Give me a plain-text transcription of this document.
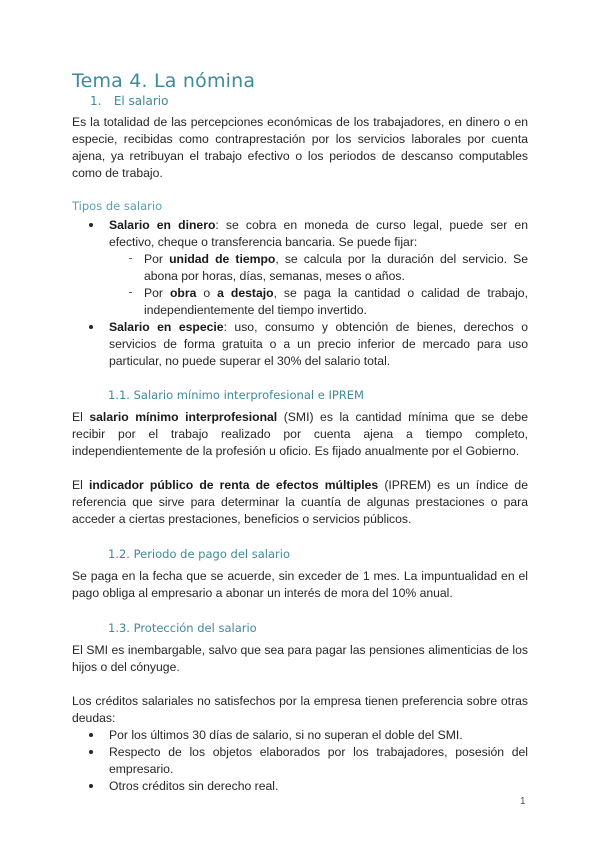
Tema 4. La nómina
1. El salario

Es la totalidad de las percepciones económicas de los trabajadores, en dinero o en especie, recibidas como contraprestación por los servicios laborales por cuenta ajena, ya retribuyan el trabajo efectivo o los periodos de descanso computables como de trabajo.

Tipos de salario
Salario en dinero: se cobra en moneda de curso legal, puede ser en efectivo, cheque o transferencia bancaria. Se puede fijar:
Por unidad de tiempo, se calcula por la duración del servicio. Se abona por horas, días, semanas, meses o años.
Por obra o a destajo, se paga la cantidad o calidad de trabajo, independientemente del tiempo invertido.
Salario en especie: uso, consumo y obtención de bienes, derechos o servicios de forma gratuita o a un precio inferior de mercado para uso particular, no puede superar el 30% del salario total.
1.1. Salario mínimo interprofesional e IPREM

El salario mínimo interprofesional (SMI) es la cantidad mínima que se debe recibir por el trabajo realizado por cuenta ajena a tiempo completo, independientemente de la profesión u oficio. Es fijado anualmente por el Gobierno.

El indicador público de renta de efectos múltiples (IPREM) es un índice de referencia que sirve para determinar la cuantía de algunas prestaciones o para acceder a ciertas prestaciones, beneficios o servicios públicos.

1.2. Periodo de pago del salario

Se paga en la fecha que se acuerde, sin exceder de 1 mes. La impuntualidad en el pago obliga al empresario a abonar un interés de mora del 10% anual.

1.3. Protección del salario

El SMI es inembargable, salvo que sea para pagar las pensiones alimenticias de los hijos o del cónyuge.

Los créditos salariales no satisfechos por la empresa tienen preferencia sobre otras deudas:

Por los últimos 30 días de salario, si no superan el doble del SMI.
Respecto de los objetos elaborados por los trabajadores, posesión del empresario.
Otros créditos sin derecho real.
1
